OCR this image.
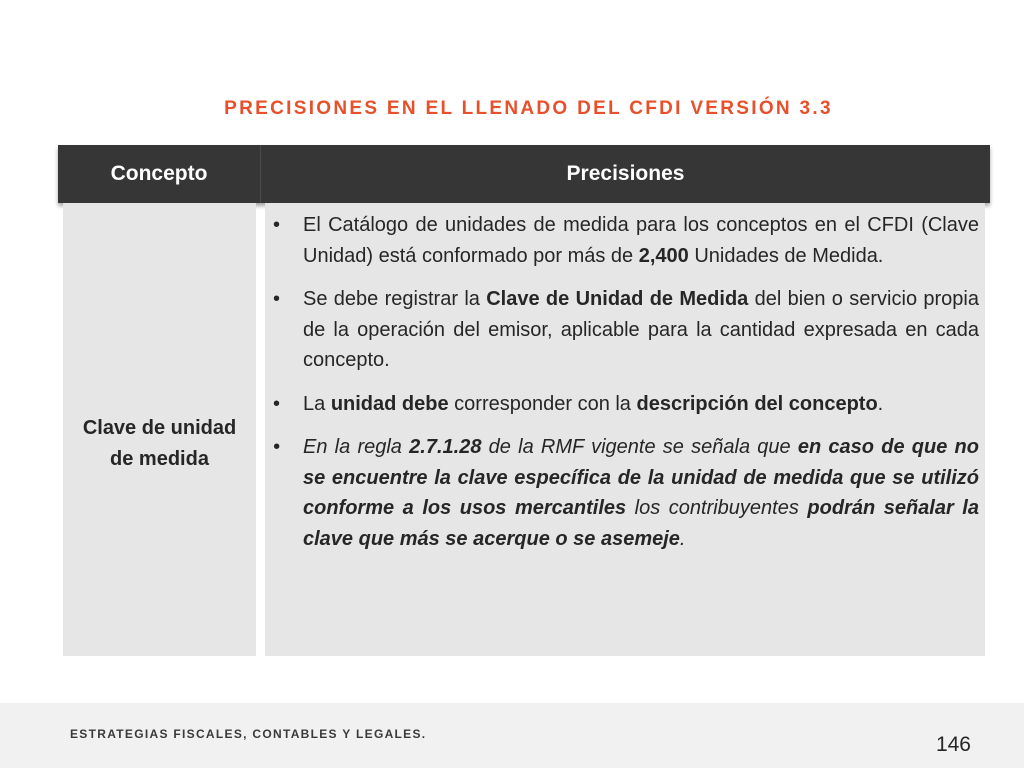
PRECISIONES EN EL LLENADO DEL CFDI VERSIÓN 3.3
Concepto	Precisiones
Clave de unidad
de medida
• El Catálogo de unidades de medida para los conceptos en el CFDI (Clave Unidad) está conformado por más de 2,400 Unidades de Medida.
• Se debe registrar la Clave de Unidad de Medida del bien o servicio propia de la operación del emisor, aplicable para la cantidad expresada en cada concepto.
• La unidad debe corresponder con la descripción del concepto.
• En la regla 2.7.1.28 de la RMF vigente se señala que en caso de que no se encuentre la clave específica de la unidad de medida que se utilizó conforme a los usos mercantiles los contribuyentes podrán señalar la clave que más se acerque o se asemeje.
ESTRATEGIAS FISCALES, CONTABLES Y LEGALES.	146
